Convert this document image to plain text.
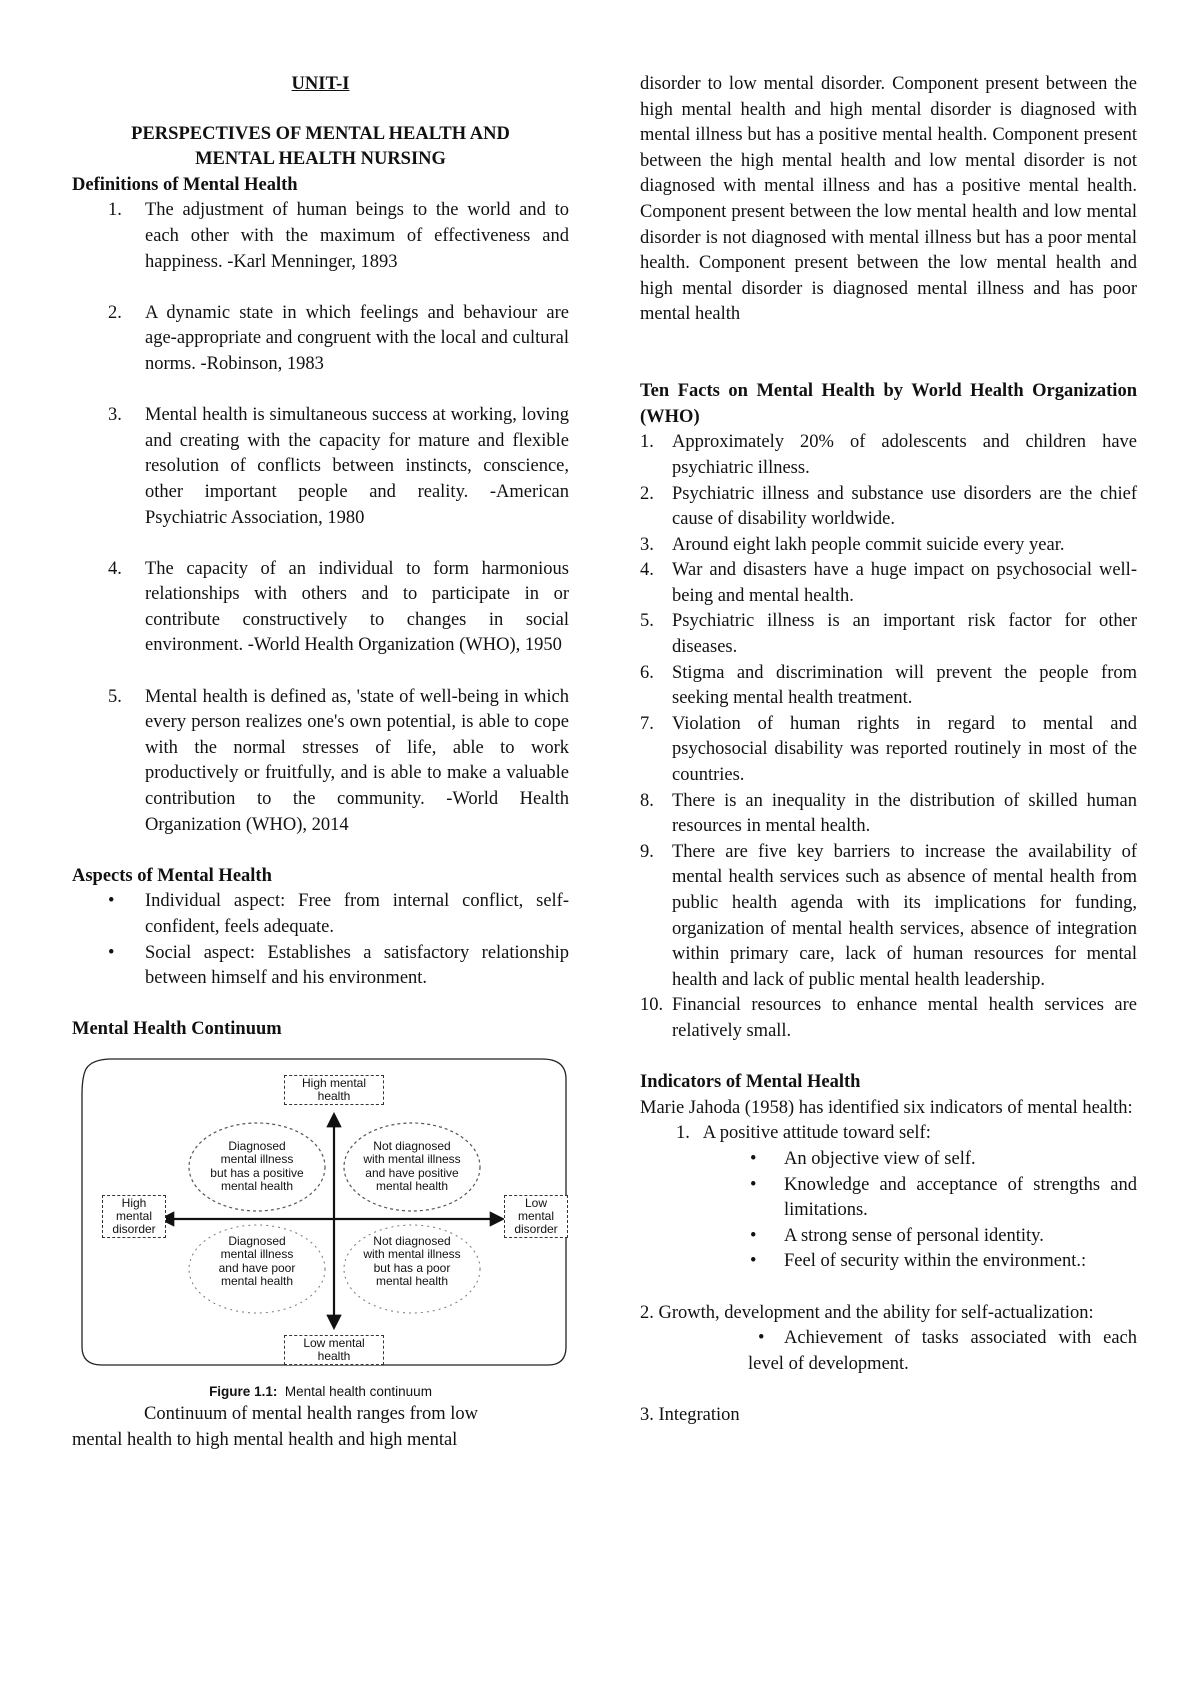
UNIT-I

PERSPECTIVES OF MENTAL HEALTH AND

MENTAL HEALTH NURSING

Definitions of Mental Health

1. The adjustment of human beings to the world and to each other with the maximum of effectiveness and happiness. -Karl Menninger, 1893
2. A dynamic state in which feelings and behaviour are age-appropriate and congruent with the local and cultural norms. -Robinson, 1983
3. Mental health is simultaneous success at working, loving and creating with the capacity for mature and flexible resolution of conflicts between instincts, conscience, other important people and reality. -American Psychiatric Association, 1980
4. The capacity of an individual to form harmonious relationships with others and to participate in or contribute constructively to changes in social environment. -World Health Organization (WHO), 1950
5. Mental health is defined as, 'state of well-being in which every person realizes one's own potential, is able to cope with the normal stresses of life, able to work productively or fruitfully, and is able to make a valuable contribution to the community. -World Health Organization (WHO), 2014

Aspects of Mental Health

• Individual aspect: Free from internal conflict, self- confident, feels adequate.
• Social aspect: Establishes a satisfactory relationship between himself and his environment.

Mental Health Continuum

High mental
health
Low mental
health
High
mental
disorder
Low
mental
disorder
Diagnosed
mental illness
but has a positive
mental health
Not diagnosed
with mental illness
and have positive
mental health
Diagnosed
mental illness
and have poor
mental health
Not diagnosed
with mental illness
but has a poor
mental health
Figure 1.1: Mental health continuum

Continuum of mental health ranges from low

mental health to high mental health and high mental

disorder to low mental disorder. Component present between the high mental health and high mental disorder is diagnosed with mental illness but has a positive mental health. Component present between the high mental health and low mental disorder is not diagnosed with mental illness and has a positive mental health. Component present between the low mental health and low mental disorder is not diagnosed with mental illness but has a poor mental health. Component present between the low mental health and high mental disorder is diagnosed mental illness and has poor mental health

Ten Facts on Mental Health by World Health Organization (WHO)

1. Approximately 20% of adolescents and children have psychiatric illness.
2. Psychiatric illness and substance use disorders are the chief cause of disability worldwide.
3. Around eight lakh people commit suicide every year.
4. War and disasters have a huge impact on psychosocial well-being and mental health.
5. Psychiatric illness is an important risk factor for other diseases.
6. Stigma and discrimination will prevent the people from seeking mental health treatment.
7. Violation of human rights in regard to mental and psychosocial disability was reported routinely in most of the countries.
8. There is an inequality in the distribution of skilled human resources in mental health.
9. There are five key barriers to increase the availability of mental health services such as absence of mental health from public health agenda with its implications for funding, organization of mental health services, absence of integration within primary care, lack of human resources for mental health and lack of public mental health leadership.
10. Financial resources to enhance mental health services are relatively small.

Indicators of Mental Health

Marie Jahoda (1958) has identified six indicators of mental health:

1.   A positive attitude toward self:

• An objective view of self.
• Knowledge and acceptance of strengths and limitations.
• A strong sense of personal identity.
• Feel of security within the environment.:

2. Growth, development and the ability for self-actualization:

•	Achievement of tasks associated with each level of development.

3. Integration
